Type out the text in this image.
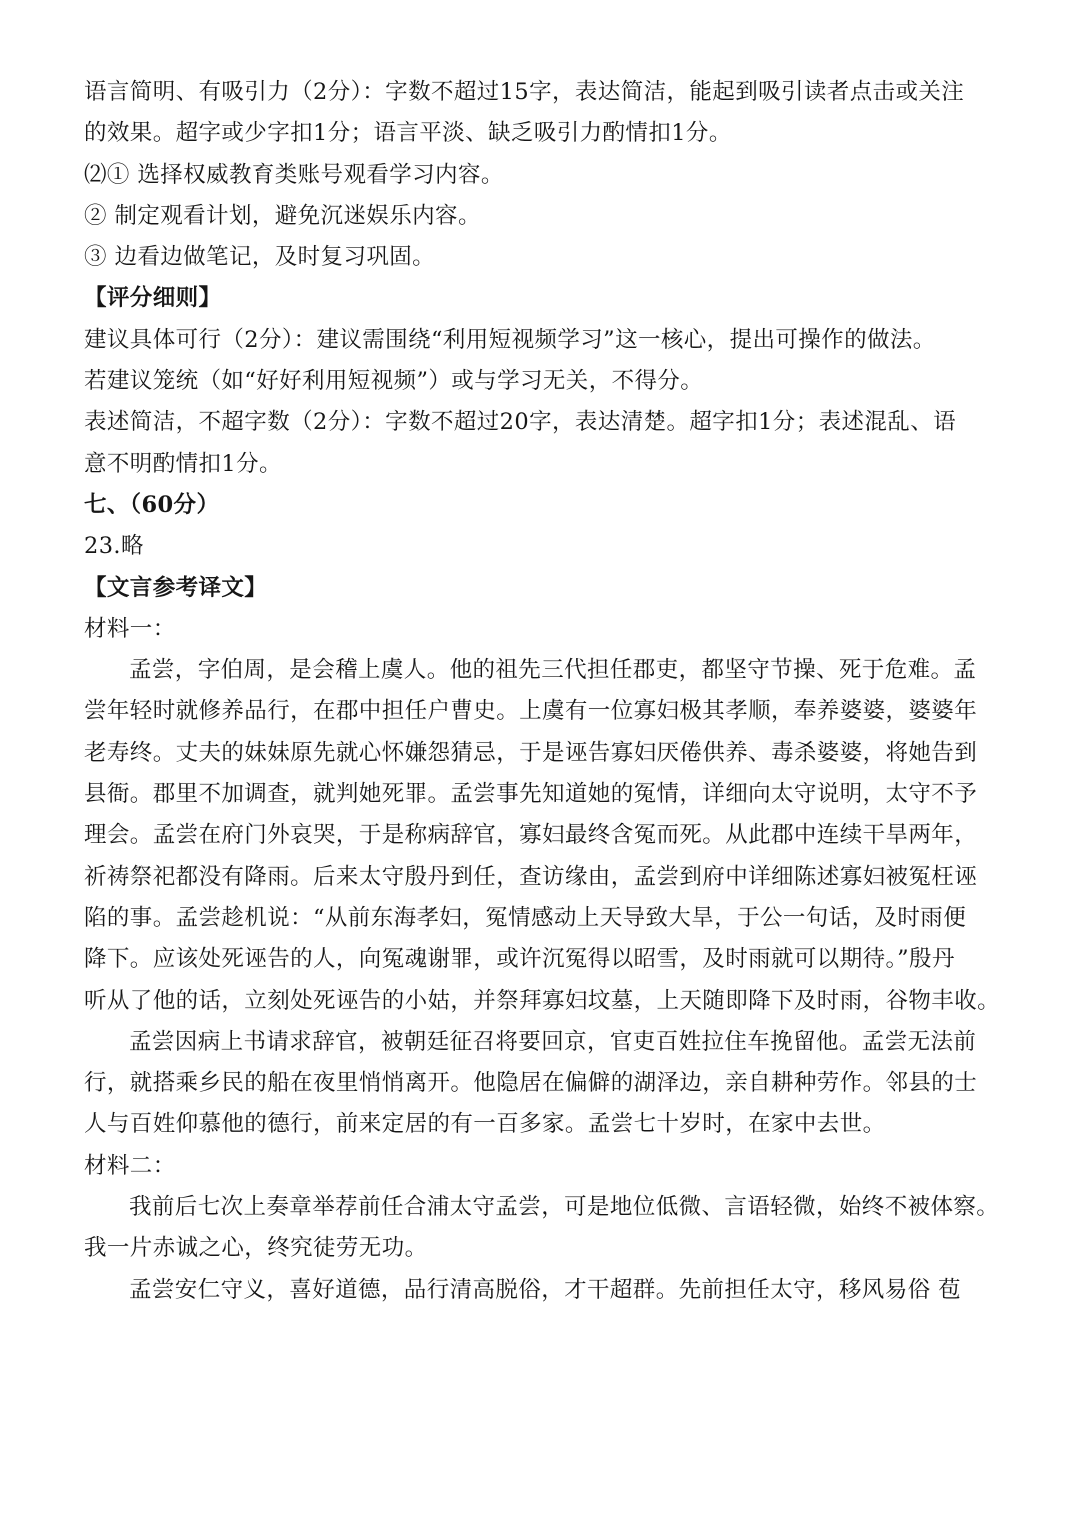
语言简明、有吸引力（2分）：字数不超过15字，表达简洁，能起到吸引读者点击或关注
的效果。超字或少字扣1分；语言平淡、缺乏吸引力酌情扣1分。
⑵① 选择权威教育类账号观看学习内容。
② 制定观看计划，避免沉迷娱乐内容。
③ 边看边做笔记，及时复习巩固。
【评分细则】
建议具体可行（2分）：建议需围绕“利用短视频学习”这一核心，提出可操作的做法。
若建议笼统（如“好好利用短视频”）或与学习无关，不得分。
表述简洁，不超字数（2分）：字数不超过20字，表达清楚。超字扣1分；表述混乱、语
意不明酌情扣1分。
七、（60分）
23.略
【文言参考译文】
材料一：
孟尝，字伯周，是会稽上虞人。他的祖先三代担任郡吏，都坚守节操、死于危难。孟
尝年轻时就修养品行，在郡中担任户曹史。上虞有一位寡妇极其孝顺，奉养婆婆，婆婆年
老寿终。丈夫的妹妹原先就心怀嫌怨猜忌，于是诬告寡妇厌倦供养、毒杀婆婆，将她告到
县衙。郡里不加调查，就判她死罪。孟尝事先知道她的冤情，详细向太守说明，太守不予
理会。孟尝在府门外哀哭，于是称病辞官，寡妇最终含冤而死。从此郡中连续干旱两年，
祈祷祭祀都没有降雨。后来太守殷丹到任，查访缘由，孟尝到府中详细陈述寡妇被冤枉诬
陷的事。孟尝趁机说：“从前东海孝妇，冤情感动上天导致大旱，于公一句话，及时雨便
降下。应该处死诬告的人，向冤魂谢罪，或许沉冤得以昭雪，及时雨就可以期待。”殷丹
听从了他的话，立刻处死诬告的小姑，并祭拜寡妇坟墓，上天随即降下及时雨，谷物丰收。
孟尝因病上书请求辞官，被朝廷征召将要回京，官吏百姓拉住车挽留他。孟尝无法前
行，就搭乘乡民的船在夜里悄悄离开。他隐居在偏僻的湖泽边，亲自耕种劳作。邻县的士
人与百姓仰慕他的德行，前来定居的有一百多家。孟尝七十岁时，在家中去世。
材料二：
我前后七次上奏章举荐前任合浦太守孟尝，可是地位低微、言语轻微，始终不被体察。
我一片赤诚之心，终究徒劳无功。
孟尝安仁守义，喜好道德，品行清高脱俗，才干超群。先前担任太守，移风易俗 苞
